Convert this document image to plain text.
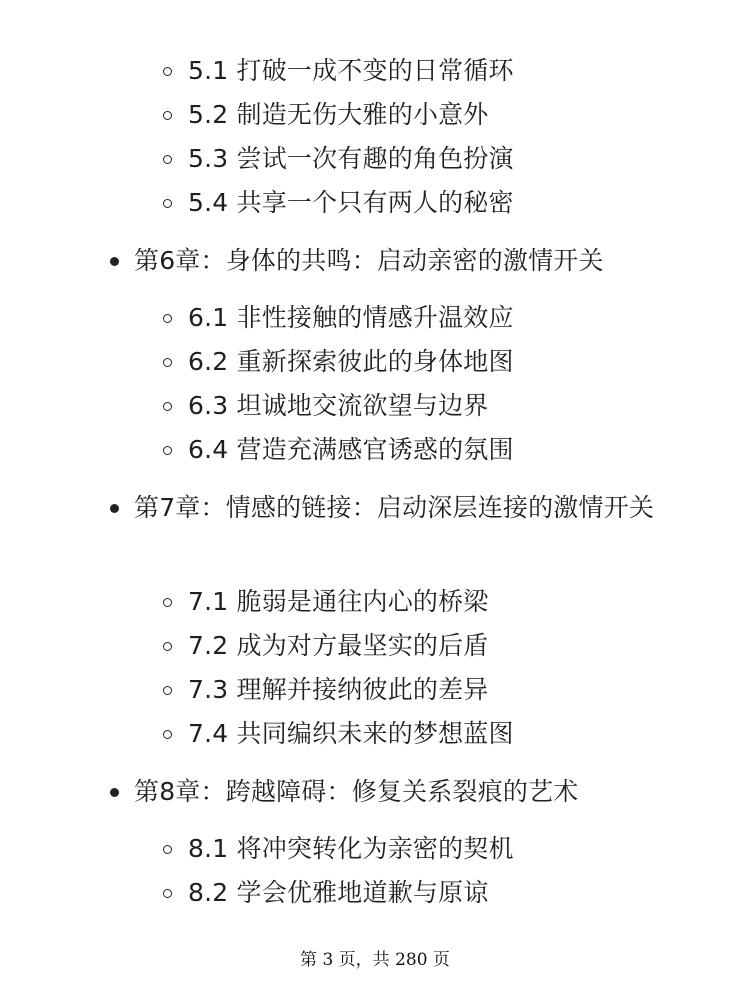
5.1 打破一成不变的日常循环
5.2 制造无伤大雅的小意外
5.3 尝试一次有趣的角色扮演
5.4 共享一个只有两人的秘密
第6章：身体的共鸣：启动亲密的激情开关
6.1 非性接触的情感升温效应
6.2 重新探索彼此的身体地图
6.3 坦诚地交流欲望与边界
6.4 营造充满感官诱惑的氛围
第7章：情感的链接：启动深层连接的激情开关
7.1 脆弱是通往内心的桥梁
7.2 成为对方最坚实的后盾
7.3 理解并接纳彼此的差异
7.4 共同编织未来的梦想蓝图
第8章：跨越障碍：修复关系裂痕的艺术
8.1 将冲突转化为亲密的契机
8.2 学会优雅地道歉与原谅
第 3 页，共 280 页
